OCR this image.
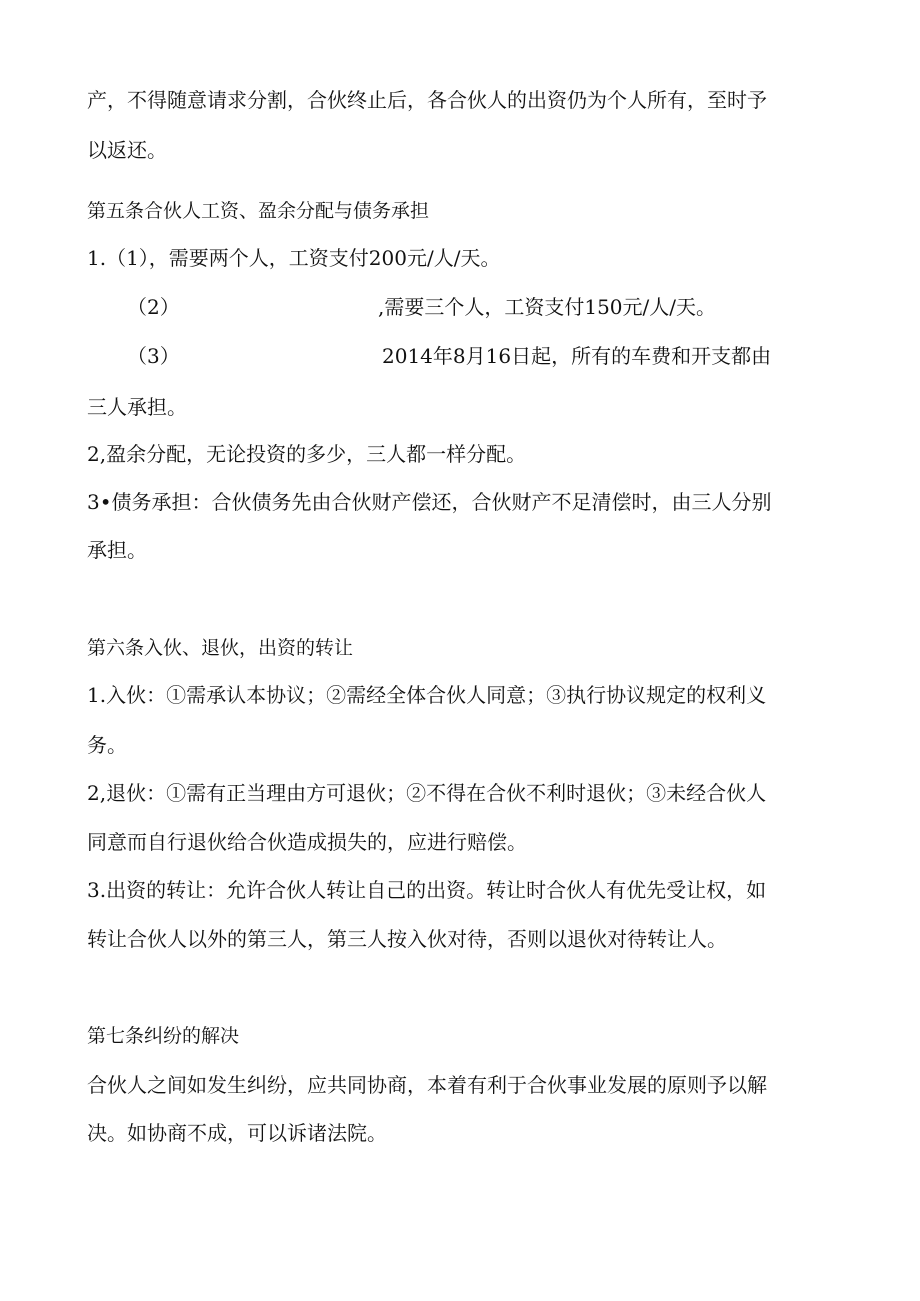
产，不得随意请求分割，合伙终止后，各合伙人的出资仍为个人所有，至时予

以返还。

第五条合伙人工资、盈余分配与债务承担

1.（1），需要两个人，工资支付200元/人/天。

（2）	,需要三个人，工资支付150元/人/天。
（3）	2014年8月16日起，所有的车费和开支都由

三人承担。

2,盈余分配，无论投资的多少，三人都一样分配。

3•债务承担：合伙债务先由合伙财产偿还，合伙财产不足清偿时，由三人分别

承担。

第六条入伙、退伙，出资的转让

1.入伙：①需承认本协议；②需经全体合伙人同意；③执行协议规定的权利义

务。

2,退伙：①需有正当理由方可退伙；②不得在合伙不利时退伙；③未经合伙人

同意而自行退伙给合伙造成损失的，应进行赔偿。

3.出资的转让：允许合伙人转让自己的出资。转让时合伙人有优先受让权，如

转让合伙人以外的第三人，第三人按入伙对待，否则以退伙对待转让人。

第七条纠纷的解决

合伙人之间如发生纠纷，应共同协商，本着有利于合伙事业发展的原则予以解

决。如协商不成，可以诉诸法院。
